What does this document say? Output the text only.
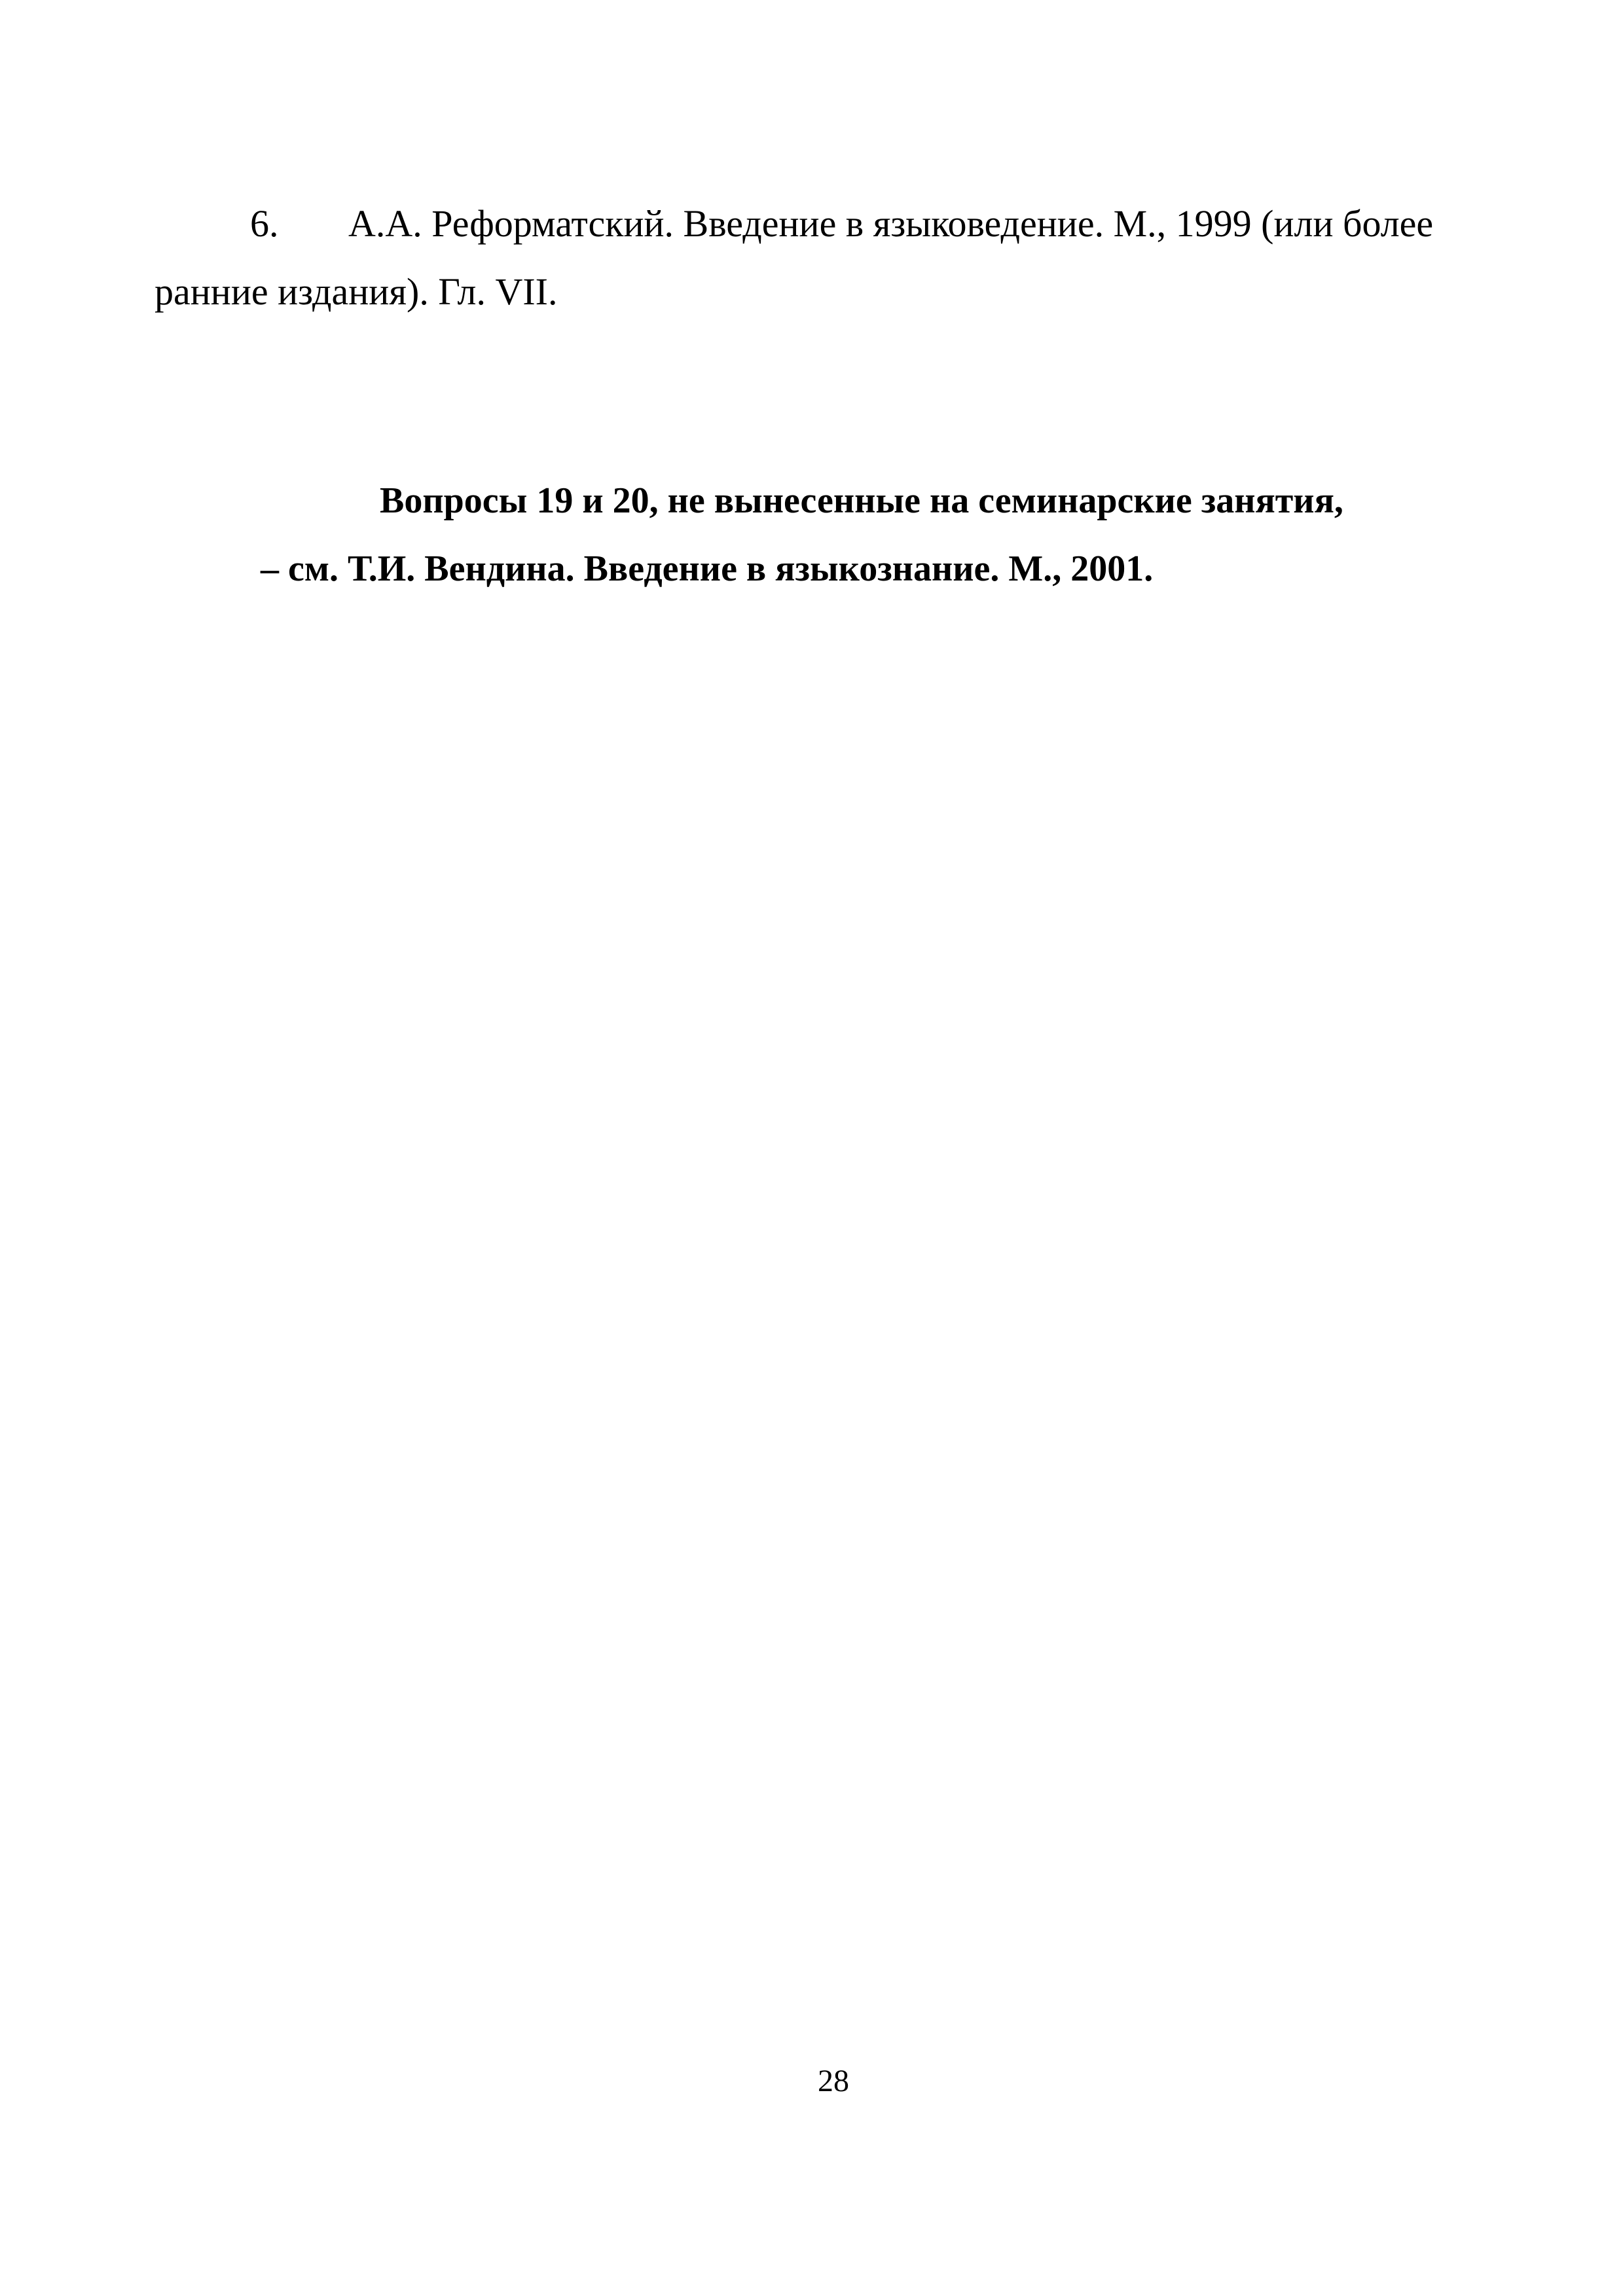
6. А.А. Реформатский. Введение в языковедение. М., 1999 (или более
ранние издания). Гл. VII.
Вопросы 19 и 20, не вынесенные на семинарские занятия,
– см. Т.И. Вендина. Введение в языкознание. М., 2001.
28
